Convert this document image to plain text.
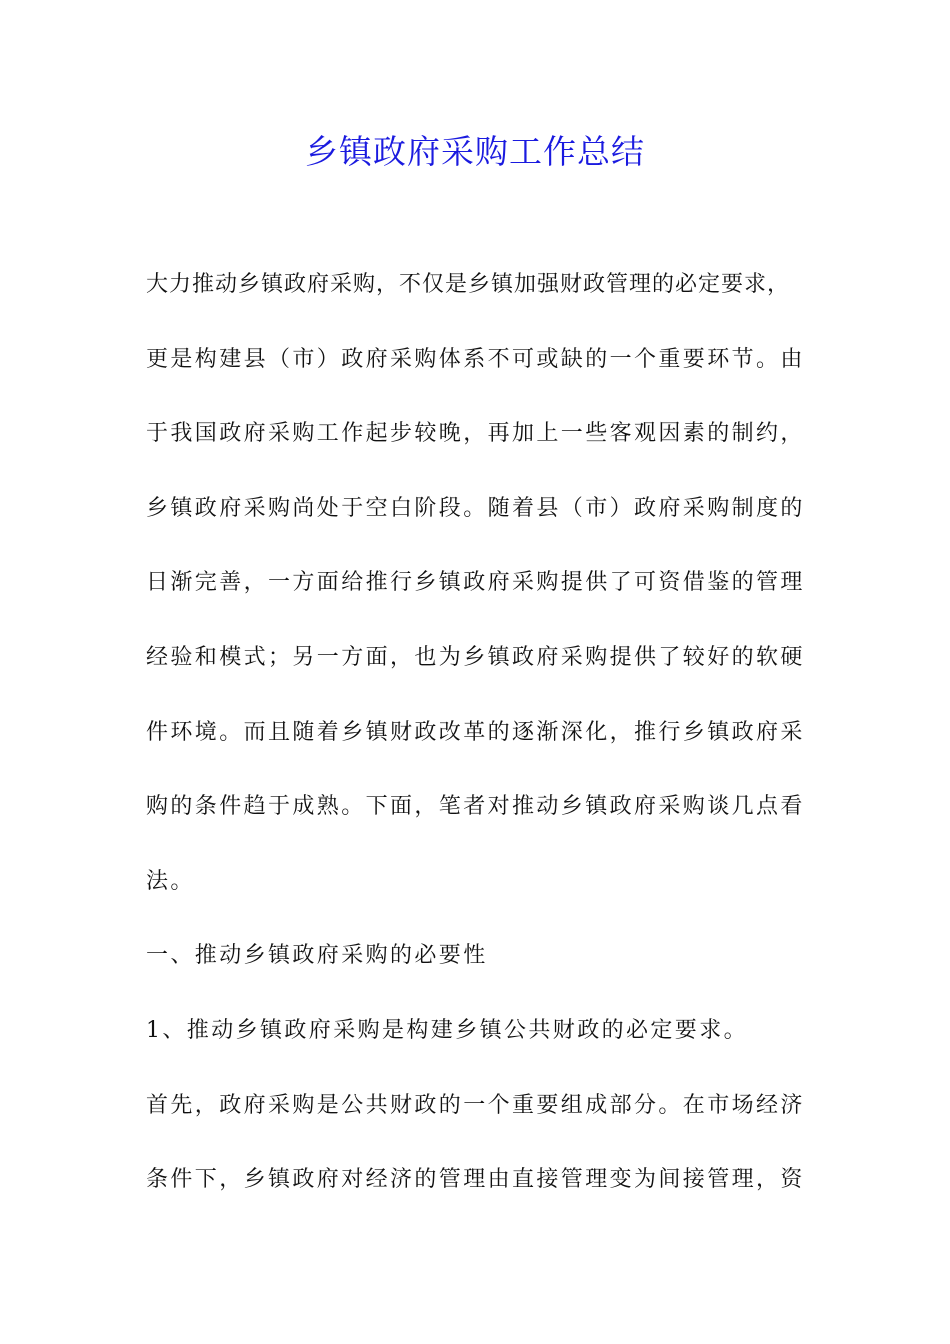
乡镇政府采购工作总结
大力推动乡镇政府采购，不仅是乡镇加强财政管理的必定要求，
更是构建县（市）政府采购体系不可或缺的一个重要环节。由
于我国政府采购工作起步较晚，再加上一些客观因素的制约，
乡镇政府采购尚处于空白阶段。随着县（市）政府采购制度的
日渐完善，一方面给推行乡镇政府采购提供了可资借鉴的管理
经验和模式；另一方面，也为乡镇政府采购提供了较好的软硬
件环境。而且随着乡镇财政改革的逐渐深化，推行乡镇政府采
购的条件趋于成熟。下面，笔者对推动乡镇政府采购谈几点看
法。
一、推动乡镇政府采购的必要性
1、推动乡镇政府采购是构建乡镇公共财政的必定要求。
首先，政府采购是公共财政的一个重要组成部分。在市场经济
条件下，乡镇政府对经济的管理由直接管理变为间接管理，资
